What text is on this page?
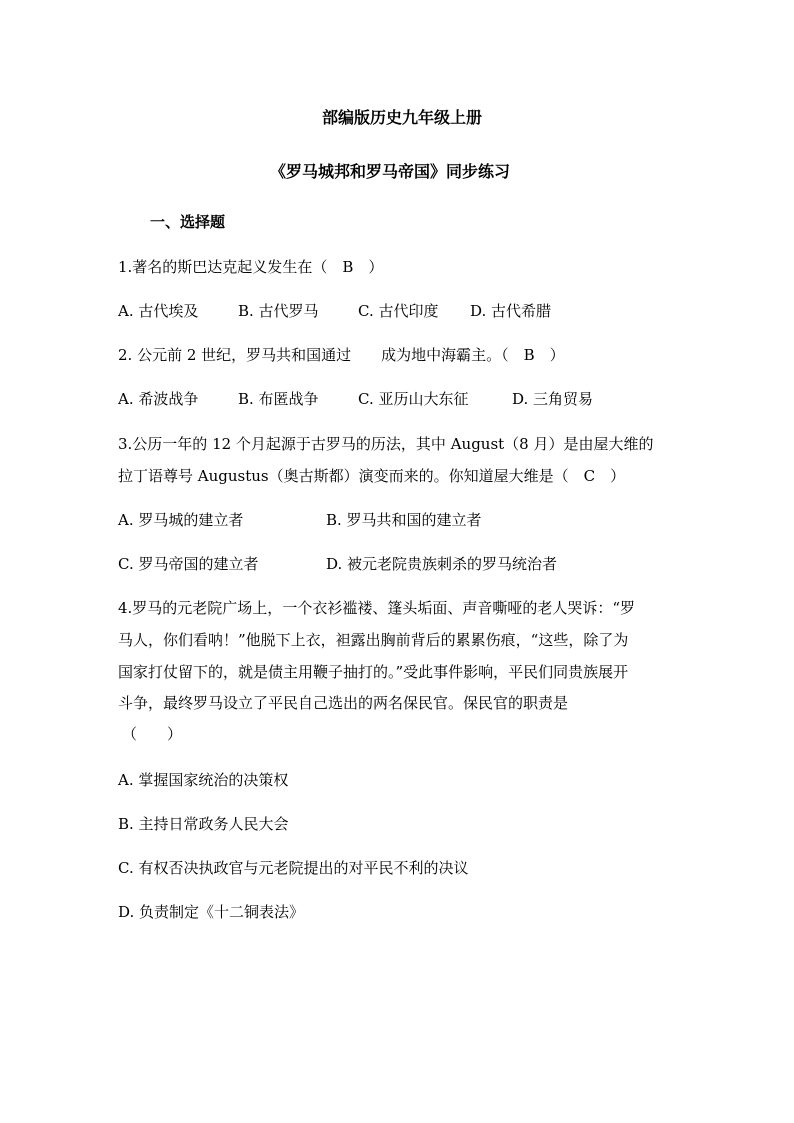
部编版历史九年级上册
《罗马城邦和罗马帝国》同步练习
一、选择题
1.著名的斯巴达克起义发生在（　B　）
A. 古代埃及	B. 古代罗马	C. 古代印度 D. 古代希腊
2. 公元前 2 世纪，罗马共和国通过　　成为地中海霸主。（　B　）
A. 希波战争	B. 布匿战争	C. 亚历山大东征	D. 三角贸易
3.公历一年的 12 个月起源于古罗马的历法，其中 August（8 月）是由屋大维的
拉丁语尊号 Augustus（奥古斯都）演变而来的。你知道屋大维是（　C　）
A. 罗马城的建立者	B. 罗马共和国的建立者
C. 罗马帝国的建立者	D. 被元老院贵族刺杀的罗马统治者
4.罗马的元老院广场上，一个衣衫褴褛、篷头垢面、声音嘶哑的老人哭诉：“罗
马人，你们看呐！”他脱下上衣，袒露出胸前背后的累累伤痕，“这些，除了为
国家打仗留下的，就是债主用鞭子抽打的。”受此事件影响，平民们同贵族展开
斗争，最终罗马设立了平民自己选出的两名保民官。保民官的职责是
（　　）
A. 掌握国家统治的决策权
B. 主持日常政务人民大会
C. 有权否决执政官与元老院提出的对平民不利的决议
D. 负责制定《十二铜表法》
